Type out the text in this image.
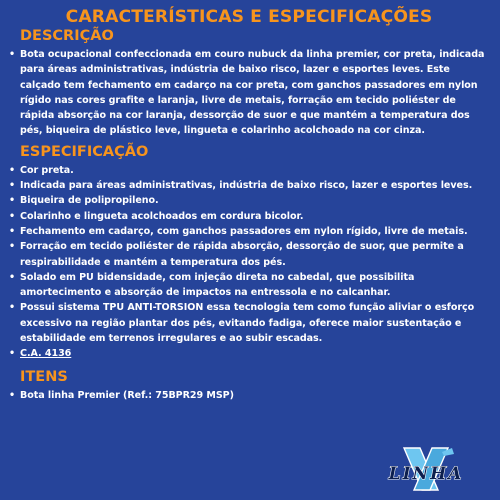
CARACTERÍSTICAS E ESPECIFICAÇÕES
DESCRIÇÃO
• Bota ocupacional confeccionada em couro nubuck da linha premier, cor preta, indicada para áreas administrativas, indústria de baixo risco, lazer e esportes leves. Este calçado tem fechamento em cadarço na cor preta, com ganchos passadores em nylon rígido nas cores grafite e laranja, livre de metais, forração em tecido poliéster de rápida absorção na cor laranja, dessorção de suor e que mantém a temperatura dos pés, biqueira de plástico leve, lingueta e colarinho acolchoado na cor cinza.
ESPECIFICAÇÃO
• Cor preta.
• Indicada para áreas administrativas, indústria de baixo risco, lazer e esportes leves.
• Biqueira de polipropileno.
• Colarinho e lingueta acolchoados em cordura bicolor.
• Fechamento em cadarço, com ganchos passadores em nylon rígido, livre de metais.
• Forração em tecido poliéster de rápida absorção, dessorção de suor, que permite a respirabilidade e mantém a temperatura dos pés.
• Solado em PU bidensidade, com injeção direta no cabedal, que possibilita amortecimento e absorção de impactos na entressola e no calcanhar.
• Possui sistema TPU ANTI-TORSION essa tecnologia tem como função aliviar o esforço excessivo na região plantar dos pés, evitando fadiga, oferece maior sustentação e estabilidade em terrenos irregulares e ao subir escadas.
• C.A. 4136
ITENS
• Bota linha Premier (Ref.: 75BPR29 MSP)
LINHA
